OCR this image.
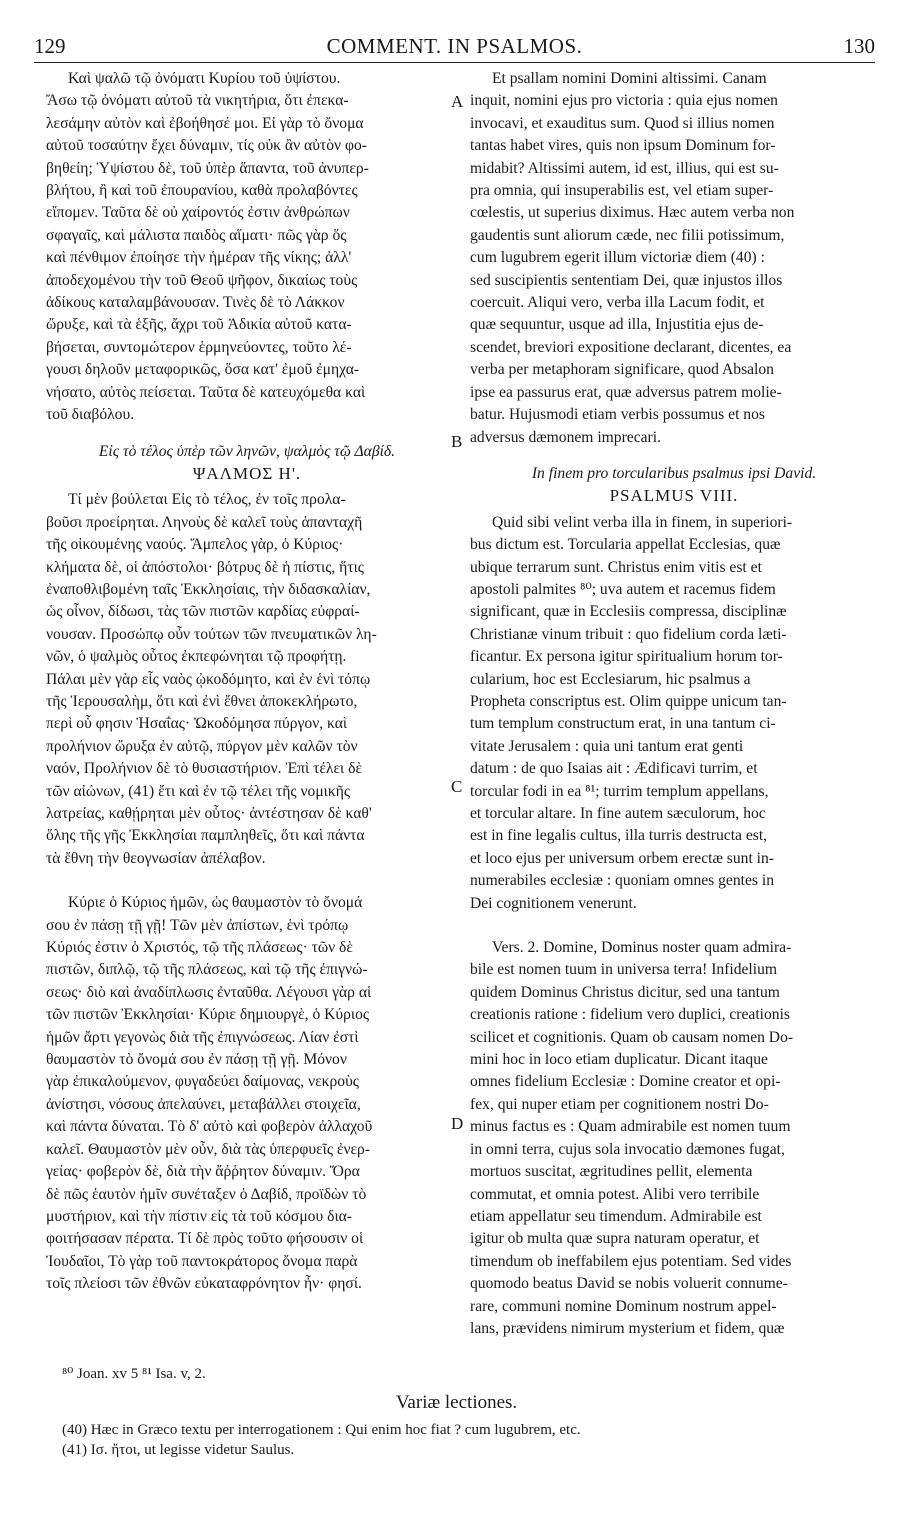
129	COMMENT. IN PSALMOS.	130
A
B
C
D

Καὶ ψαλῶ τῷ ὀνόματι Κυρίου τοῦ ὑψίστου.

Ἄσω τῷ ὀνόματι αὐτοῦ τὰ νικητήρια, ὅτι ἐπεκα-

λεσάμην αὐτὸν καὶ ἐβοήθησέ μοι. Εἰ γὰρ τὸ ὄνομα

αὐτοῦ τοσαύτην ἔχει δύναμιν, τίς οὐκ ἂν αὐτὸν φο-

βηθείη; Ὑψίστου δὲ, τοῦ ὑπὲρ ἅπαντα, τοῦ ἀνυπερ-

βλήτου, ἢ καὶ τοῦ ἐπουρανίου, καθὰ προλαβόντες

εἴπομεν. Ταῦτα δὲ οὐ χαίροντός ἐστιν ἀνθρώπων

σφαγαῖς, καὶ μάλιστα παιδὸς αἵματι· πῶς γὰρ ὅς

καὶ πένθιμον ἐποίησε τὴν ἡμέραν τῆς νίκης; ἀλλ'

ἀποδεχομένου τὴν τοῦ Θεοῦ ψῆφον, δικαίως τοὺς

ἀδίκους καταλαμβάνουσαν. Τινὲς δὲ τὸ Λάκκον

ὤρυξε, καὶ τὰ ἑξῆς, ἄχρι τοῦ Ἀδικία αὐτοῦ κατα-

βήσεται, συντομώτερον ἑρμηνεύοντες, τοῦτο λέ-

γουσι δηλοῦν μεταφορικῶς, ὅσα κατ' ἐμοῦ ἐμηχα-

νήσατο, αὐτὸς πείσεται. Ταῦτα δὲ κατευχόμεθα καὶ

τοῦ διαβόλου.

Εἰς τὸ τέλος ὑπὲρ τῶν ληνῶν, ψαλμὸς τῷ Δαβίδ.

ΨΑΛΜΟΣ Η'.

Τί μὲν βούλεται Εἰς τὸ τέλος, ἐν τοῖς προλα-

βοῦσι προείρηται. Ληνοὺς δὲ καλεῖ τοὺς ἁπανταχῆ

τῆς οἰκουμένης ναούς. Ἄμπελος γὰρ, ὁ Κύριος·

κλήματα δὲ, οἱ ἀπόστολοι· βότρυς δὲ ἡ πίστις, ἥτις

ἐναποθλιβομένη ταῖς Ἐκκλησίαις, τὴν διδασκαλίαν,

ὡς οἶνον, δίδωσι, τὰς τῶν πιστῶν καρδίας εὐφραί-

νουσαν. Προσώπῳ οὖν τούτων τῶν πνευματικῶν λη-

νῶν, ὁ ψαλμὸς οὗτος ἐκπεφώνηται τῷ προφήτῃ.

Πάλαι μὲν γὰρ εἷς ναὸς ᾠκοδόμητο, καὶ ἐν ἑνὶ τόπῳ

τῆς Ἱερουσαλὴμ, ὅτι καὶ ἐνὶ ἔθνει ἀποκεκλήρωτο,

περὶ οὗ φησιν Ἡσαΐας· Ὠκοδόμησα πύργον, καὶ

προλήνιον ὤρυξα ἐν αὐτῷ, πύργον μὲν καλῶν τὸν

ναόν, Προλήνιον δὲ τὸ θυσιαστήριον. Ἐπὶ τέλει δὲ

τῶν αἰώνων, (41) ἔτι καὶ ἐν τῷ τέλει τῆς νομικῆς

λατρείας, καθῄρηται μὲν οὗτος· ἀντέστησαν δὲ καθ'

ὅλης τῆς γῆς Ἐκκλησίαι παμπληθεῖς, ὅτι καὶ πάντα

τὰ ἔθνη τὴν θεογνωσίαν ἀπέλαβον.

Κύριε ὁ Κύριος ἡμῶν, ὡς θαυμαστὸν τὸ ὄνομά

σου ἐν πάσῃ τῇ γῇ! Τῶν μὲν ἀπίστων, ἑνὶ τρόπῳ

Κύριός ἐστιν ὁ Χριστός, τῷ τῆς πλάσεως· τῶν δὲ

πιστῶν, διπλῷ, τῷ τῆς πλάσεως, καὶ τῷ τῆς ἐπιγνώ-

σεως· διὸ καὶ ἀναδίπλωσις ἐνταῦθα. Λέγουσι γὰρ αἱ

τῶν πιστῶν Ἐκκλησίαι· Κύριε δημιουργὲ, ὁ Κύριος

ἡμῶν ἄρτι γεγονὼς διὰ τῆς ἐπιγνώσεως. Λίαν ἐστὶ

θαυμαστὸν τὸ ὄνομά σου ἐν πάσῃ τῇ γῇ. Μόνον

γὰρ ἐπικαλούμενον, φυγαδεύει δαίμονας, νεκροὺς

ἀνίστησι, νόσους ἀπελαύνει, μεταβάλλει στοιχεῖα,

καὶ πάντα δύναται. Τὸ δ' αὐτὸ καὶ φοβερὸν ἀλλαχοῦ

καλεῖ. Θαυμαστὸν μὲν οὖν, διὰ τὰς ὑπερφυεῖς ἐνερ-

γείας· φοβερὸν δὲ, διὰ τὴν ἄῤῥητον δύναμιν. Ὅρα

δὲ πῶς ἑαυτὸν ἡμῖν συνέταξεν ὁ Δαβίδ, προϊδὼν τὸ

μυστήριον, καὶ τὴν πίστιν εἰς τὰ τοῦ κόσμου δια-

φοιτήσασαν πέρατα. Τί δὲ πρὸς τοῦτο φήσουσιν οἱ

Ἰουδαῖοι, Τὸ γὰρ τοῦ παντοκράτορος ὄνομα παρὰ

τοῖς πλείοσι τῶν ἐθνῶν εὐκαταφρόνητον ἦν· φησί.

Et psallam nomini Domini altissimi. Canam

inquit, nomini ejus pro victoria : quia ejus nomen

invocavi, et exauditus sum. Quod si illius nomen

tantas habet vires, quis non ipsum Dominum for-

midabit? Altissimi autem, id est, illius, qui est su-

pra omnia, qui insuperabilis est, vel etiam super-

cœlestis, ut superius diximus. Hæc autem verba non

gaudentis sunt aliorum cæde, nec filii potissimum,

cum lugubrem egerit illum victoriæ diem (40) :

sed suscipientis sententiam Dei, quæ injustos illos

coercuit. Aliqui vero, verba illa Lacum fodit, et

quæ sequuntur, usque ad illa, Injustitia ejus de-

scendet, breviori expositione declarant, dicentes, ea

verba per metaphoram significare, quod Absalon

ipse ea passurus erat, quæ adversus patrem molie-

batur. Hujusmodi etiam verbis possumus et nos

adversus dæmonem imprecari.

In finem pro torcularibus psalmus ipsi David.

PSALMUS VIII.

Quid sibi velint verba illa in finem, in superiori-

bus dictum est. Torcularia appellat Ecclesias, quæ

ubique terrarum sunt. Christus enim vitis est et

apostoli palmites ⁸⁰; uva autem et racemus fidem

significant, quæ in Ecclesiis compressa, disciplinæ

Christianæ vinum tribuit : quo fidelium corda læti-

ficantur. Ex persona igitur spiritualium horum tor-

cularium, hoc est Ecclesiarum, hic psalmus a

Propheta conscriptus est. Olim quippe unicum tan-

tum templum constructum erat, in una tantum ci-

vitate Jerusalem : quia uni tantum erat genti

datum : de quo Isaias ait : Ædificavi turrim, et

torcular fodi in ea ⁸¹; turrim templum appellans,

et torcular altare. In fine autem sæculorum, hoc

est in fine legalis cultus, illa turris destructa est,

et loco ejus per universum orbem erectæ sunt in-

numerabiles ecclesiæ : quoniam omnes gentes in

Dei cognitionem venerunt.

Vers. 2. Domine, Dominus noster quam admira-

bile est nomen tuum in universa terra! Infidelium

quidem Dominus Christus dicitur, sed una tantum

creationis ratione : fidelium vero duplici, creationis

scilicet et cognitionis. Quam ob causam nomen Do-

mini hoc in loco etiam duplicatur. Dicant itaque

omnes fidelium Ecclesiæ : Domine creator et opi-

fex, qui nuper etiam per cognitionem nostri Do-

minus factus es : Quam admirabile est nomen tuum

in omni terra, cujus sola invocatio dæmones fugat,

mortuos suscitat, ægritudines pellit, elementa

commutat, et omnia potest. Alibi vero terribile

etiam appellatur seu timendum. Admirabile est

igitur ob multa quæ supra naturam operatur, et

timendum ob ineffabilem ejus potentiam. Sed vides

quomodo beatus David se nobis voluerit connume-

rare, communi nomine Dominum nostrum appel-

lans, prævidens nimirum mysterium et fidem, quæ

⁸⁰ Joan. xv 5 ⁸¹ Isa. v, 2.
Variæ lectiones.

(40) Hæc in Græco textu per interrogationem : Qui enim hoc fiat ? cum lugubrem, etc.

(41) Ισ. ἤτοι, ut legisse videtur Saulus.
